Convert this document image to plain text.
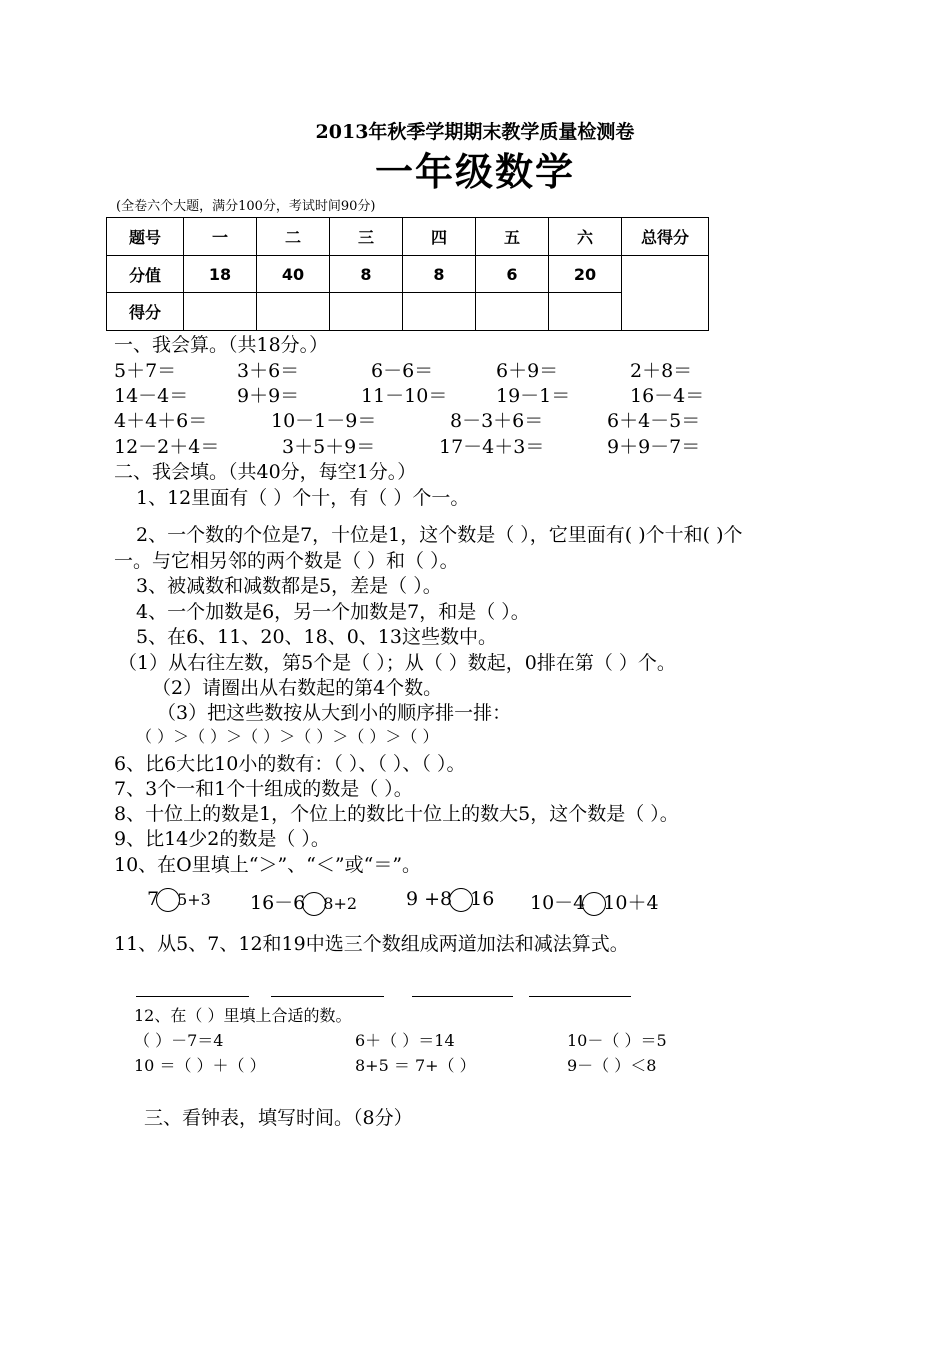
2013年秋季学期期末教学质量检测卷
一年级数学
(全卷六个大题，满分100分，考试时间90分)
题号	一	二	三	四	五	六	总得分
分值	18	40	8	8	6	20	
得分							
一、我会算。（共18分。）
5＋7＝	3＋6＝	6－6＝	6＋9＝	2＋8＝
14－4＝	9＋9＝	11－10＝	19－1＝	16－4＝
4＋4＋6＝	10－1－9＝	8－3＋6＝	6＋4－5＝
12－2＋4＝	3＋5＋9＝	17－4＋3＝	9＋9－7＝
二、我会填。（共40分，每空1分。）
1、12里面有（ ）个十，有（ ）个一。
2、一个数的个位是7，十位是1，这个数是（ ），它里面有( )个十和( )个
一。与它相另邻的两个数是（ ）和（ ）。
3、被减数和减数都是5，差是（ ）。
4、一个加数是6，另一个加数是7，和是（ ）。
5、在6、11、20、18、0、13这些数中。
（1）从右往左数，第5个是（ ）；从（ ）数起，0排在第（ ）个。
（2）请圈出从右数起的第4个数。
（3）把这些数按从大到小的顺序排一排：
（ ）＞（ ）＞（ ）＞（ ）＞（ ）＞（ ）
6、比6大比10小的数有：（ ）、（ ）、（ ）。
7、3个一和1个十组成的数是（ ）。
8、十位上的数是1，个位上的数比十位上的数大5，这个数是（ ）。
9、比14少2的数是（ ）。
10、在O里填上“＞”、“＜”或“＝”。
7 5+3 16－6 8+2	9 +8 16 10－4 10＋4
11、从5、7、12和19中选三个数组成两道加法和减法算式。
12、在（ ）里填上合适的数。
（ ）－7＝4	6＋（ ）＝14	10－（ ）＝5
10 ＝（ ）＋（ ）	8+5 ＝ 7+（ ）	9－（ ）＜8
三、看钟表，填写时间。（8分）
